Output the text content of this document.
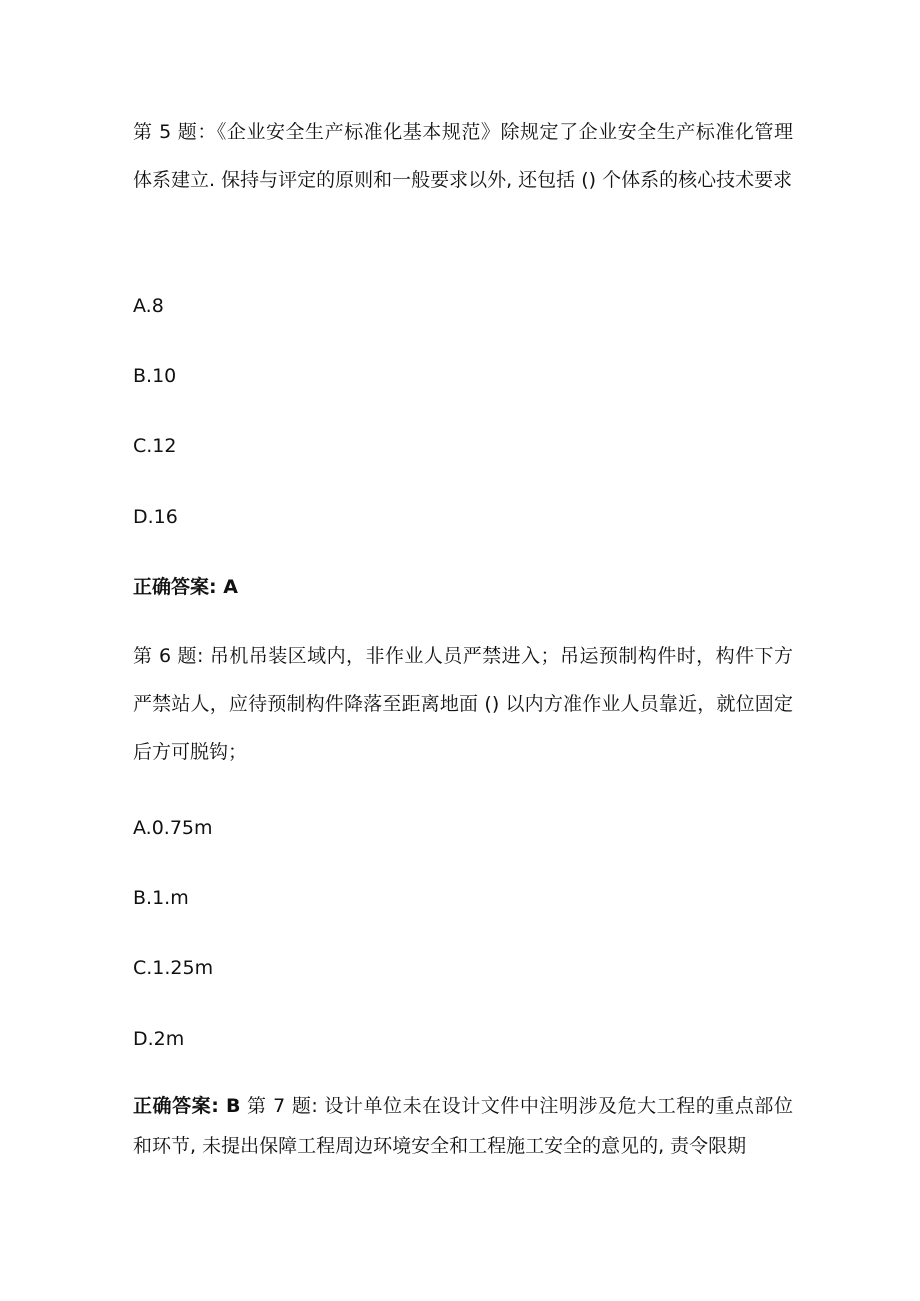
第 5 题：《企业安全生产标准化基本规范》除规定了企业安全生产标准化管理体系建立. 保持与评定的原则和一般要求以外, 还包括 () 个体系的核心技术要求
A.8
B.10
C.12
D.16
正确答案: A
第 6 题: 吊机吊装区域内，非作业人员严禁进入；吊运预制构件时，构件下方严禁站人，应待预制构件降落至距离地面 () 以内方准作业人员靠近，就位固定后方可脱钩；
A.0.75m
B.1.m
C.1.25m
D.2m
正确答案: B 第 7 题: 设计单位未在设计文件中注明涉及危大工程的重点部位和环节, 未提出保障工程周边环境安全和工程施工安全的意见的, 责令限期
